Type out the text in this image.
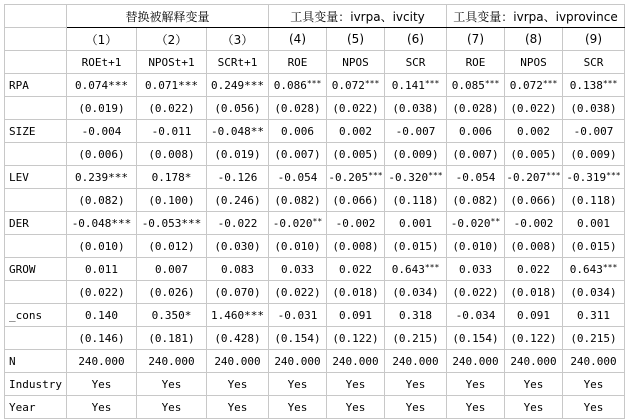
	替换被解释变量			工具变量：ivrpa、ivcity			工具变量：ivrpa、ivprovince		
	（1）	（2）	（3）	(4)	(5)	(6)	(7)	(8)	(9)
	ROEt+1	NPOSt+1	SCRt+1	ROE	NPOS	SCR	ROE	NPOS	SCR
RPA	0.074***	0.071***	0.249***	0.086***	0.072***	0.141***	0.085***	0.072***	0.138***
	(0.019)	(0.022)	(0.056)	(0.028)	(0.022)	(0.038)	(0.028)	(0.022)	(0.038)
SIZE	-0.004	-0.011	-0.048**	0.006	0.002	-0.007	0.006	0.002	-0.007
	(0.006)	(0.008)	(0.019)	(0.007)	(0.005)	(0.009)	(0.007)	(0.005)	(0.009)
LEV	0.239***	0.178*	-0.126	-0.054	-0.205***	-0.320***	-0.054	-0.207***	-0.319***
	(0.082)	(0.100)	(0.246)	(0.082)	(0.066)	(0.118)	(0.082)	(0.066)	(0.118)
DER	-0.048***	-0.053***	-0.022	-0.020**	-0.002	0.001	-0.020**	-0.002	0.001
	(0.010)	(0.012)	(0.030)	(0.010)	(0.008)	(0.015)	(0.010)	(0.008)	(0.015)
GROW	0.011	0.007	0.083	0.033	0.022	0.643***	0.033	0.022	0.643***
	(0.022)	(0.026)	(0.070)	(0.022)	(0.018)	(0.034)	(0.022)	(0.018)	(0.034)
_cons	0.140	0.350*	1.460***	-0.031	0.091	0.318	-0.034	0.091	0.311
	(0.146)	(0.181)	(0.428)	(0.154)	(0.122)	(0.215)	(0.154)	(0.122)	(0.215)
N	240.000	240.000	240.000	240.000	240.000	240.000	240.000	240.000	240.000
Industry	Yes	Yes	Yes	Yes	Yes	Yes	Yes	Yes	Yes
Year	Yes	Yes	Yes	Yes	Yes	Yes	Yes	Yes	Yes
